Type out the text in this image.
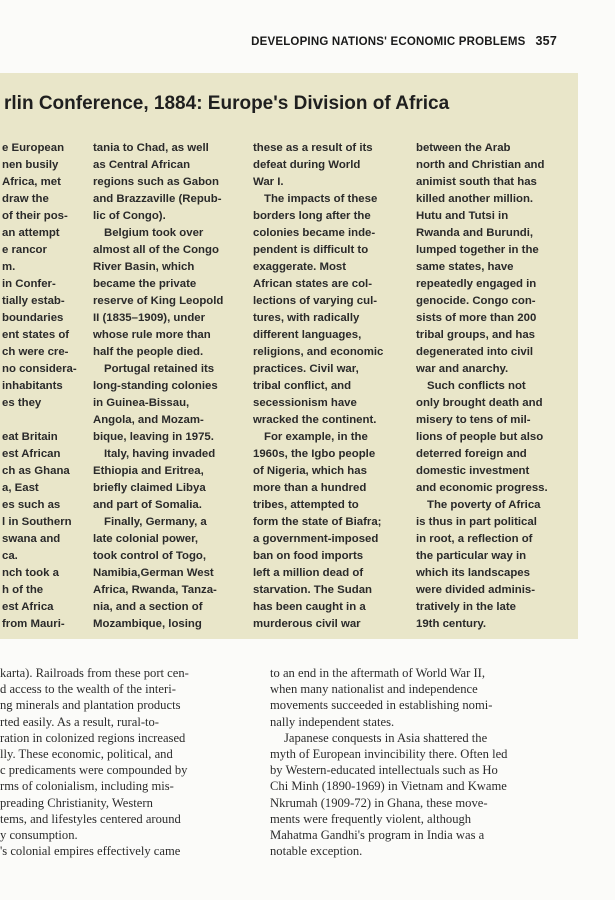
DEVELOPING NATIONS' ECONOMIC PROBLEMS 357
rlin Conference, 1884: Europe's Division of Africa
e European
nen busily
Africa, met
draw the
of their pos-
an attempt
e rancor
m.
in Confer-
tially estab-
boundaries
ent states of
ch were cre-
no considera-
inhabitants
es they

eat Britain
est African
ch as Ghana
a, East
es such as
l in Southern
swana and
ca.
nch took a
h of the
est Africa
from Mauri-
tania to Chad, as well
as Central African
regions such as Gabon
and Brazzaville (Repub-
lic of Congo).
Belgium took over
almost all of the Congo
River Basin, which
became the private
reserve of King Leopold
II (1835–1909), under
whose rule more than
half the people died.
Portugal retained its
long-standing colonies
in Guinea-Bissau,
Angola, and Mozam-
bique, leaving in 1975.
Italy, having invaded
Ethiopia and Eritrea,
briefly claimed Libya
and part of Somalia.
Finally, Germany, a
late colonial power,
took control of Togo,
Namibia,German West
Africa, Rwanda, Tanza-
nia, and a section of
Mozambique, losing
these as a result of its
defeat during World
War I.
The impacts of these
borders long after the
colonies became inde-
pendent is difficult to
exaggerate. Most
African states are col-
lections of varying cul-
tures, with radically
different languages,
religions, and economic
practices. Civil war,
tribal conflict, and
secessionism have
wracked the continent.
For example, in the
1960s, the Igbo people
of Nigeria, which has
more than a hundred
tribes, attempted to
form the state of Biafra;
a government-imposed
ban on food imports
left a million dead of
starvation. The Sudan
has been caught in a
murderous civil war
between the Arab
north and Christian and
animist south that has
killed another million.
Hutu and Tutsi in
Rwanda and Burundi,
lumped together in the
same states, have
repeatedly engaged in
genocide. Congo con-
sists of more than 200
tribal groups, and has
degenerated into civil
war and anarchy.
Such conflicts not
only brought death and
misery to tens of mil-
lions of people but also
deterred foreign and
domestic investment
and economic progress.
The poverty of Africa
is thus in part political
in root, a reflection of
the particular way in
which its landscapes
were divided adminis-
tratively in the late
19th century.
karta). Railroads from these port cen-
d access to the wealth of the interi-
ng minerals and plantation products
rted easily. As a result, rural-to-
ration in colonized regions increased
lly. These economic, political, and
c predicaments were compounded by
rms of colonialism, including mis-
preading Christianity, Western
tems, and lifestyles centered around
y consumption.
's colonial empires effectively came
to an end in the aftermath of World War II,
when many nationalist and independence
movements succeeded in establishing nomi-
nally independent states.
Japanese conquests in Asia shattered the
myth of European invincibility there. Often led
by Western-educated intellectuals such as Ho
Chi Minh (1890-1969) in Vietnam and Kwame
Nkrumah (1909-72) in Ghana, these move-
ments were frequently violent, although
Mahatma Gandhi's program in India was a
notable exception.
